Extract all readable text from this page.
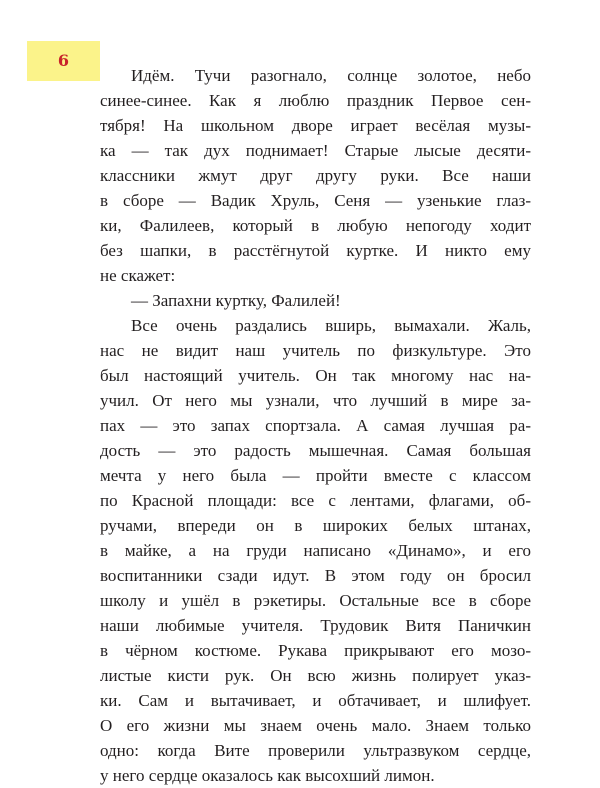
6
Идём. Тучи разогнало, солнце золотое, небо
синее-синее. Как я люблю праздник Первое сен-
тября! На школьном дворе играет весёлая музы-
ка — так дух поднимает! Старые лысые десяти-
классники жмут друг другу руки. Все наши
в сборе — Вадик Хруль, Сеня — узенькие глаз-
ки, Фалилеев, который в любую непогоду ходит
без шапки, в расстёгнутой куртке. И никто ему
не скажет:
— Запахни куртку, Фалилей!
Все очень раздались вширь, вымахали. Жаль,
нас не видит наш учитель по физкультуре. Это
был настоящий учитель. Он так многому нас на-
учил. От него мы узнали, что лучший в мире за-
пах — это запах спортзала. А самая лучшая ра-
дость — это радость мышечная. Самая большая
мечта у него была — пройти вместе с классом
по Красной площади: все с лентами, флагами, об-
ручами, впереди он в широких белых штанах,
в майке, а на груди написано «Динамо», и его
воспитанники сзади идут. В этом году он бросил
школу и ушёл в рэкетиры. Остальные все в сборе
наши любимые учителя. Трудовик Витя Паничкин
в чёрном костюме. Рукава прикрывают его мозо-
листые кисти рук. Он всю жизнь полирует указ-
ки. Сам и вытачивает, и обтачивает, и шлифует.
О его жизни мы знаем очень мало. Знаем только
одно: когда Вите проверили ультразвуком сердце,
у него сердце оказалось как высохший лимон.
